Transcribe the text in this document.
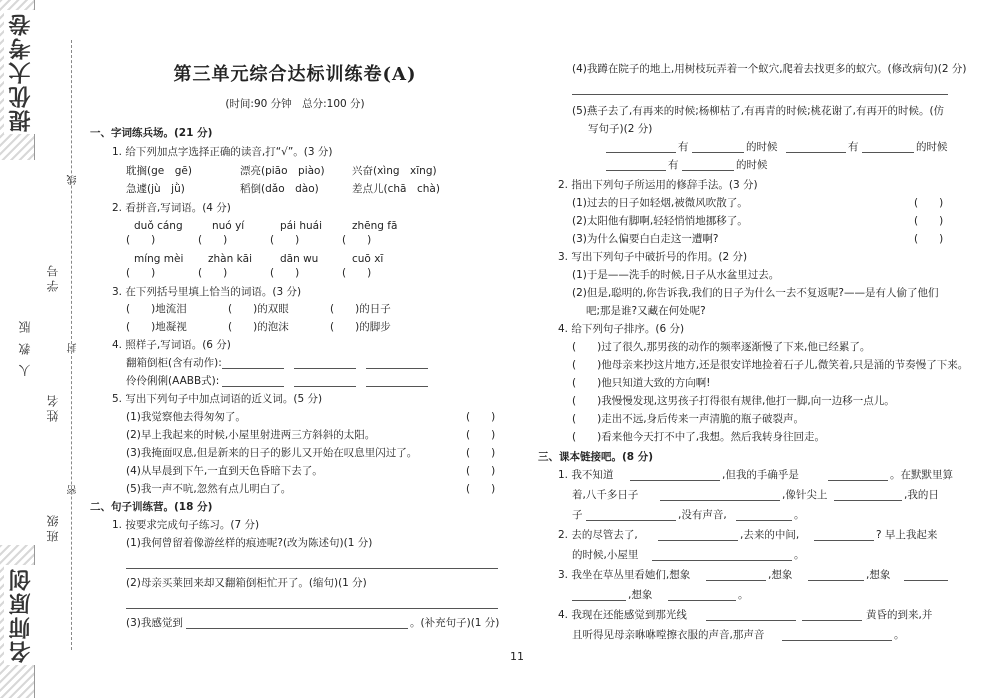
提优大考卷
名师原创
人 教 版
学号
姓名
班级
线
封
密
第三单元综合达标训练卷(A)
(时间:90 分钟　总分:100 分)
一、字词练兵场。(21 分)
1. 给下列加点字选择正确的读音,打“√”。(3 分)
耽搁(ge　gē)	漂亮(piāo　piào)	兴奋(xìng　xīng)
急遽(jù　jǜ)	稻倒(dǎo　dào)	差点儿(chā　chà)
2. 看拼音,写词语。(4 分)
duǒ cáng	nuó yí	pái huái	zhēng fā
(　　)	(　　)	(　　)	(　　)
míng mèi zhàn kāi	dān wu	cuō xī
(　　)	(　　)	(　　)	(　　)
3. 在下列括号里填上恰当的词语。(3 分)
(　　)地流泪	(　　)的双眼	(　　)的日子
(　　)地凝视	(　　)的泡沫	(　　)的脚步
4. 照样子,写词语。(6 分)
翻箱倒柜(含有动作):
伶伶俐俐(AABB式):
5. 写出下列句子中加点词语的近义词。(5 分)
(1)我觉察他去得匆匆了。	(　　)
(2)早上我起来的时候,小屋里射进两三方斜斜的太阳。	(　　)
(3)我掩面叹息,但是新来的日子的影儿又开始在叹息里闪过了。	(　　)
(4)从早晨到下午,一直到天色昏暗下去了。	(　　)
(5)我一声不吭,忽然有点儿明白了。	(　　)
二、句子训练营。(18 分)
1. 按要求完成句子练习。(7 分)
(1)我何曾留着像游丝样的痕迹呢?(改为陈述句)(1 分)
(2)母亲买莱回来却又翻箱倒柜忙开了。(缩句)(1 分)
(3)我感觉到	。(补充句子)(1 分)
11
(4)我蹲在院子的地上,用树枝玩弄着一个蚁穴,爬着去找更多的蚁穴。(修改病句)(2 分)
(5)燕子去了,有再来的时候;杨柳枯了,有再青的时候;桃花谢了,有再开的时候。(仿
写句子)(2 分)
有	的时候	有	的时候
有	的时候
2. 指出下列句子所运用的修辞手法。(3 分)
(1)过去的日子如轻烟,被微风吹散了。	(　　)
(2)太阳他有脚啊,轻轻悄悄地挪移了。	(　　)
(3)为什么偏要白白走这一遭啊?	(　　)
3. 写出下列句子中破折号的作用。(2 分)
(1)于是——洗手的时候,日子从水盆里过去。
(2)但是,聪明的,你告诉我,我们的日子为什么一去不复返呢?——是有人偷了他们
吧;那是谁?又藏在何处呢?
4. 给下列句子排序。(6 分)
(　　)过了很久,那男孩的动作的频率逐渐慢了下来,他已经累了。
(　　)他母亲来抄这片地方,还是很安详地捡着石子儿,微笑着,只是涌的节奏慢了下来。
(　　)他只知道大致的方向啊!
(　　)我慢慢发现,这男孩子打得很有规律,他打一脚,向一边移一点儿。
(　　)走出不远,身后传来一声清脆的瓶子破裂声。
(　　)看来他今天打不中了,我想。然后我转身往回走。
三、课本链接吧。(8 分)
1. 我不知道	,但我的手确乎是	。在默默里算
着,八千多日子	,像针尖上	,我的日
子	,没有声音,	。
2. 去的尽管去了,	,去来的中间,	? 早上我起来
的时候,小屋里	。
3. 我坐在草丛里看她们,想象	,想象	,想象
,想象	。
4. 我现在还能感觉到那光线	黄昏的到来,并
且听得见母亲咻咻嘡擦衣服的声音,那声音	。
